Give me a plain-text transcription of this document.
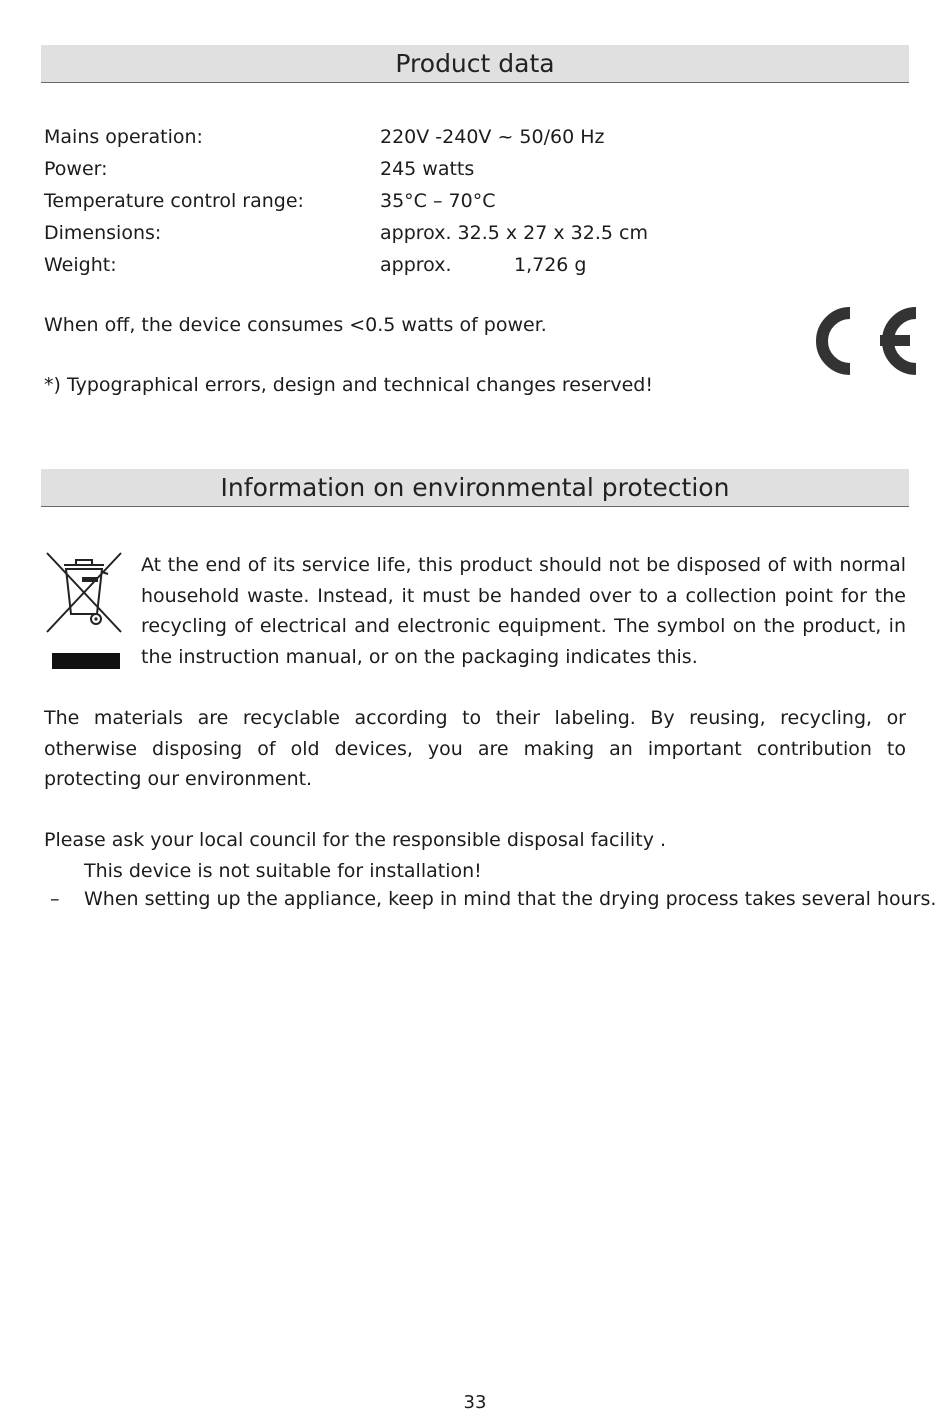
Product data
Mains operation:	220V -240V ~ 50/60 Hz
Power:	245 watts
Temperature control range:	35°C – 70°C
Dimensions:	approx. 32.5 x 27 x 32.5 cm
Weight:	approx.	1,726 g
When off, the device consumes <0.5 watts of power.
*) Typographical errors, design and technical changes reserved!
Information on environmental protection
At the end of its service life, this product should not be disposed of with normal household waste. Instead, it must be handed over to a collection point for the recycling of electrical and electronic equipment. The symbol on the product, in the instruction manual, or on the packaging indicates this.
The materials are recyclable according to their labeling. By reusing, recycling, or otherwise disposing of old devices, you are making an important contribution to protecting our environment.
Please ask your local council for the responsible disposal facility .
This device is not suitable for installation!
– When setting up the appliance, keep in mind that the drying process takes several hours.
33
